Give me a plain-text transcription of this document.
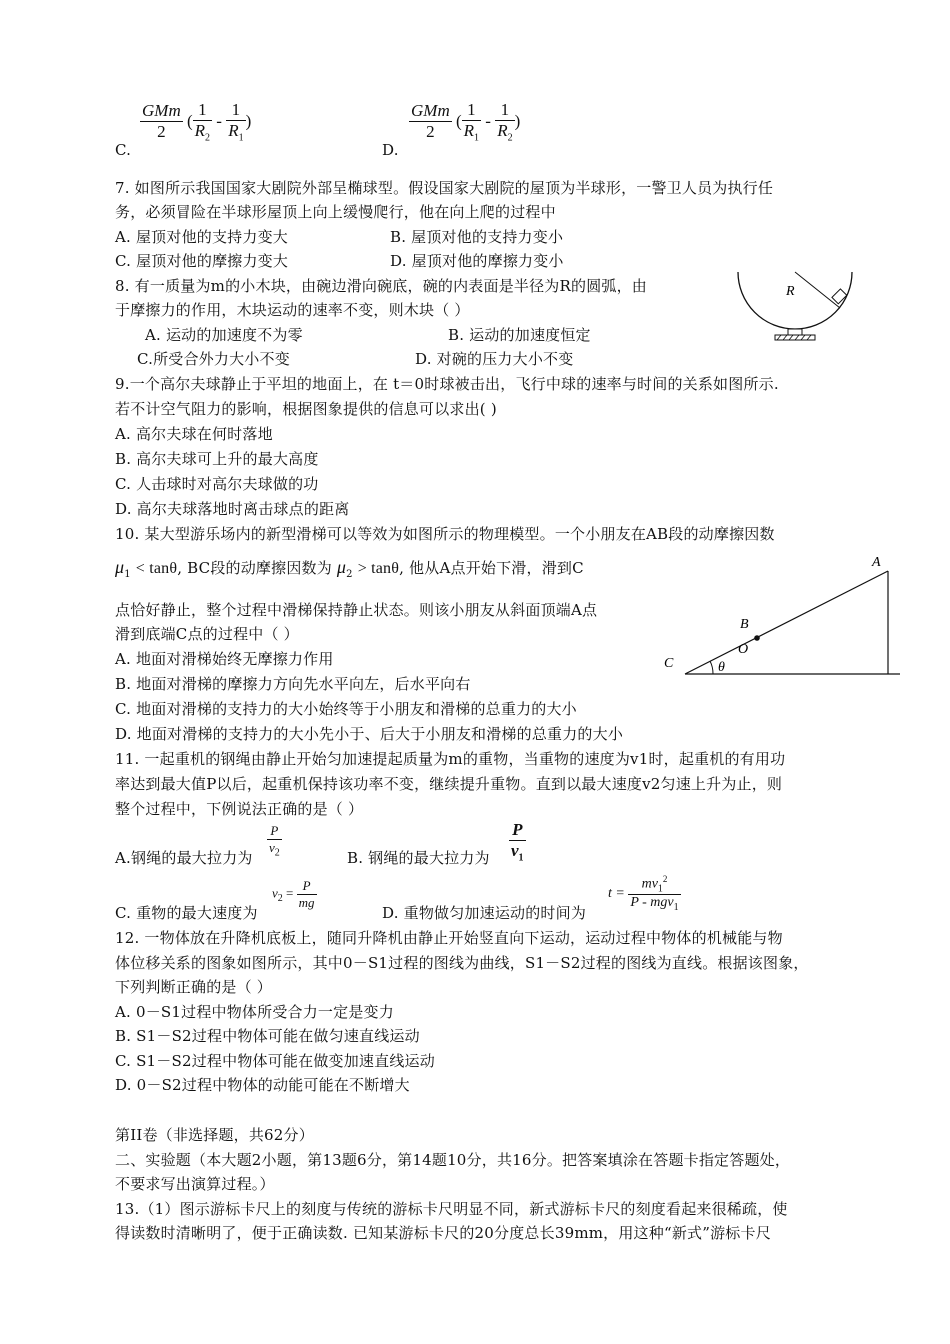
C.
$\frac{\text{GMm}}{2}$ ( $\frac{1}{R_2} - \frac{1}{R_1}$ )
D.
$\frac{\text{GMm}}{2}$ ( $\frac{1}{R_1} - \frac{1}{R_2}$ )
7. 如图所示我国国家大剧院外部呈椭球型。假设国家大剧院的屋顶为半球形，一警卫人员为执行任
务，必须冒险在半球形屋顶上向上缓慢爬行，他在向上爬的过程中
A. 屋顶对他的支持力变大	B. 屋顶对他的支持力变小
C. 屋顶对他的摩擦力变大	D. 屋顶对他的摩擦力变小
8. 有一质量为m的小木块，由碗边滑向碗底，碗的内表面是半径为R的圆弧，由
于摩擦力的作用，木块运动的速率不变，则木块（ ）
A. 运动的加速度不为零	B. 运动的加速度恒定
C.所受合外力大小不变	D. 对碗的压力大小不变
R
9.一个高尔夫球静止于平坦的地面上，在 t＝0时球被击出，飞行中球的速率与时间的关系如图所示.
若不计空气阻力的影响，根据图象提供的信息可以求出( )
A. 高尔夫球在何时落地
B. 高尔夫球可上升的最大高度
C. 人击球时对高尔夫球做的功
D. 高尔夫球落地时离击球点的距离
10. 某大型游乐场内的新型滑梯可以等效为如图所示的物理模型。一个小朋友在AB段的动摩擦因数
$\mu_1 < \tan\theta$, BC段的动摩擦因数为 $\mu_2 > \tan\theta$, 他从A点开始下滑，滑到C
点恰好静止，整个过程中滑梯保持静止状态。则该小朋友从斜面顶端A点
滑到底端C点的过程中（ ）
A. 地面对滑梯始终无摩擦力作用
B. 地面对滑梯的摩擦力方向先水平向左，后水平向右
C. 地面对滑梯的支持力的大小始终等于小朋友和滑梯的总重力的大小
D. 地面对滑梯的支持力的大小先小于、后大于小朋友和滑梯的总重力的大小
A
B
C
O
θ
11. 一起重机的钢绳由静止开始匀加速提起质量为m的重物，当重物的速度为v1时，起重机的有用功
率达到最大值P以后，起重机保持该功率不变，继续提升重物。直到以最大速度v2匀速上升为止，则
整个过程中，下例说法正确的是（ ）
A.钢绳的最大拉力为 $\frac{P}{v_2}$	B. 钢绳的最大拉力为 $\frac{P}{v_1}$
C. 重物的最大速度为
$v_2 = \frac{P}{mg}$
D. 重物做匀加速运动的时间为
$t = \frac{mv_1^2}{P - mgv_1}$
12. 一物体放在升降机底板上，随同升降机由静止开始竖直向下运动，运动过程中物体的机械能与物
体位移关系的图象如图所示，其中0－S1过程的图线为曲线，S1－S2过程的图线为直线。根据该图象，
下列判断正确的是（ ）
A. 0－S1过程中物体所受合力一定是变力
B. S1－S2过程中物体可能在做匀速直线运动
C. S1－S2过程中物体可能在做变加速直线运动
D. 0－S2过程中物体的动能可能在不断增大
第II卷（非选择题，共62分）
二、实验题（本大题2小题，第13题6分，第14题10分，共16分。把答案填涂在答题卡指定答题处，
不要求写出演算过程。）
13.（1）图示游标卡尺上的刻度与传统的游标卡尺明显不同，新式游标卡尺的刻度看起来很稀疏，使
得读数时清晰明了，便于正确读数. 已知某游标卡尺的20分度总长39mm，用这种“新式”游标卡尺
